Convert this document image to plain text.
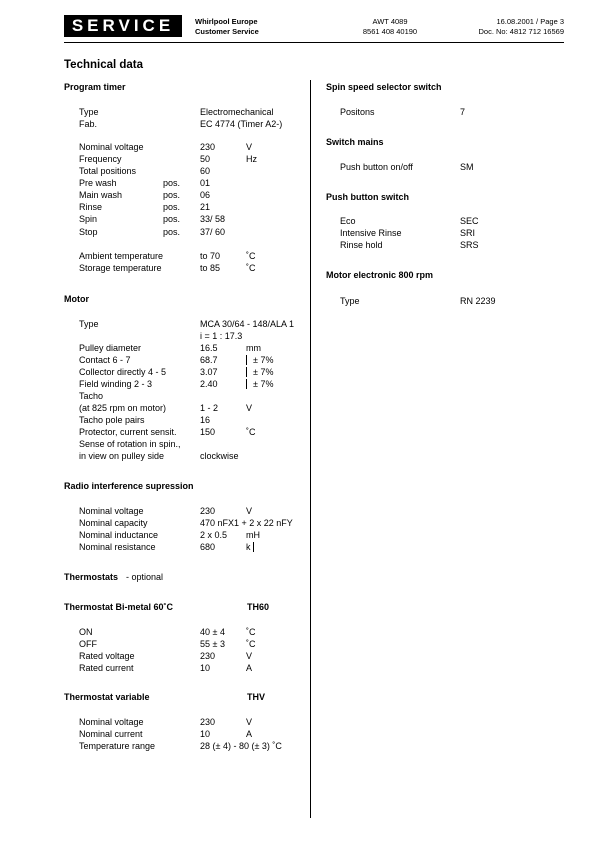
SERVICE	Whirlpool Europe
Customer Service
AWT 4089
8561 408 40190
16.08.2001 / Page 3
Doc. No: 4812 712 16569
Technical data
Program timer
Type	Electromechanical
Fab.	EC 4774 (Timer A2-)
Nominal voltage	230	V
Frequency	50	Hz
Total positions	60
Pre wash	pos. 01
Main wash	pos. 06
Rinse	pos. 21
Spin	pos. 33/ 58
Stop	pos. 37/ 60
Ambient temperature	to 70	˚C
Storage temperature	to 85	˚C
Motor
Type	MCA 30/64 - 148/ALA 1
i = 1 : 17.3
Pulley diameter	16.5	mm
Contact 6 - 7	68.7	± 7%
Collector directly 4 - 5	3.07	± 7%
Field winding 2 - 3	2.40	± 7%
Tacho
(at 825 rpm on motor)	1 - 2	V
Tacho pole pairs	16
Protector, current sensit.	150	˚C
Sense of rotation in spin.,
in view on pulley side	clockwise
Radio interference supression
Nominal voltage	230	V
Nominal capacity	470 nFX1 + 2 x 22 nFY
Nominal inductance	2 x 0.5 mH
Nominal resistance	680	k
Thermostats - optional
Thermostat Bi-metal 60˚C	TH60
ON	40 ± 4 ˚C
OFF	55 ± 3 ˚C
Rated voltage	230	V
Rated current	10	A
Thermostat variable	THV
Nominal voltage	230	V
Nominal current	10	A
Temperature range	28 (± 4) - 80 (± 3) ˚C
Spin speed selector switch
Positons	7
Switch mains
Push button on/off	SM
Push button switch
Eco	SEC
Intensive Rinse	SRI
Rinse hold	SRS
Motor electronic 800 rpm
Type	RN 2239
